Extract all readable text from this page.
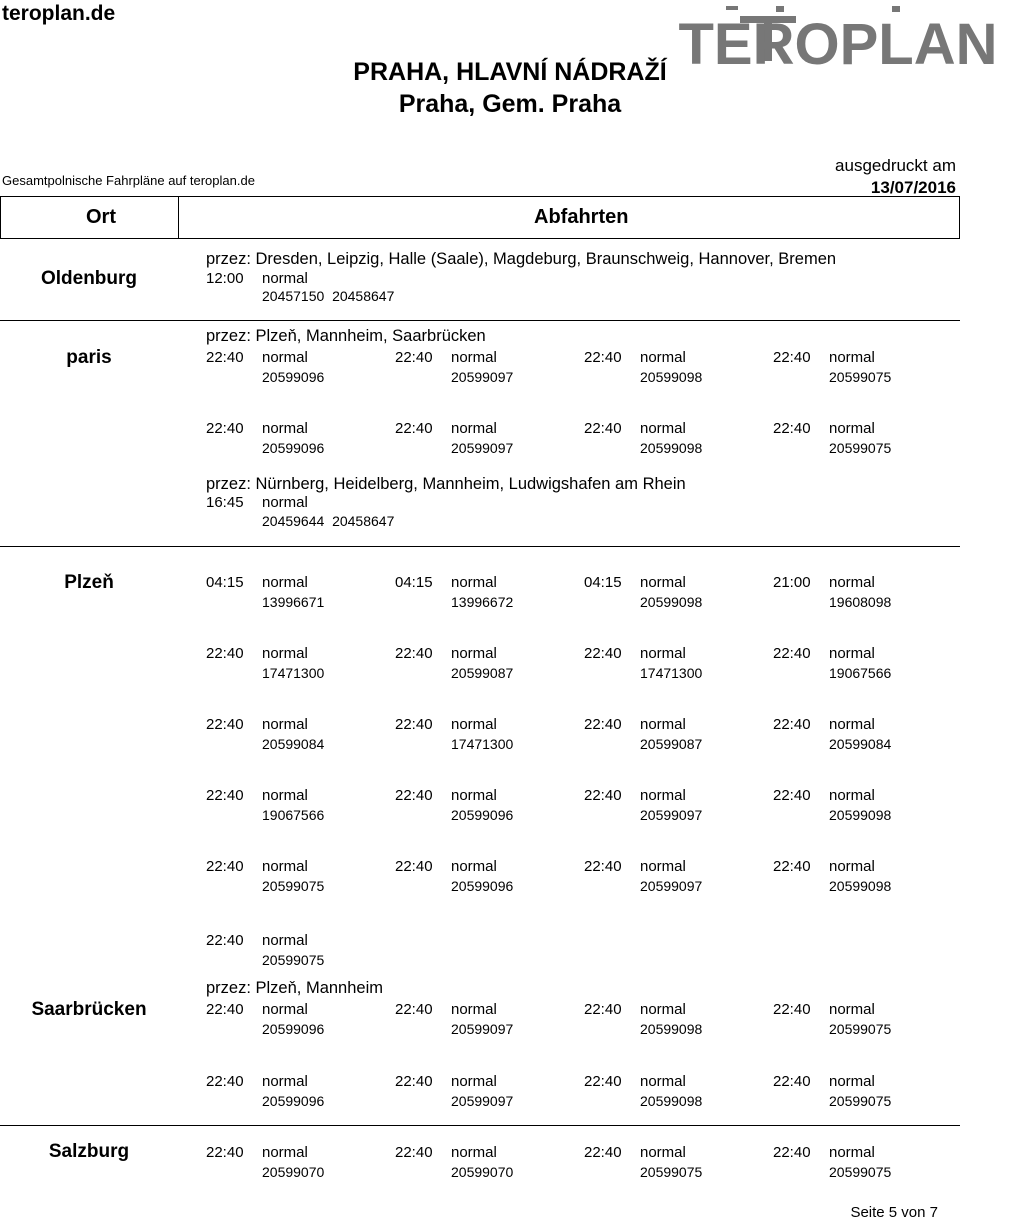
teroplan.de
PRAHA, HLAVNÍ NÁDRAŽÍ
Praha, Gem. Praha
TEROPLAN
Gesamtpolnische Fahrpläne auf teroplan.de
ausgedruckt am
13/07/2016
Ort	Abfahrten
Oldenburg
przez: Dresden, Leipzig, Halle (Saale), Magdeburg, Braunschweig, Hannover, Bremen
12:00 normal
20457150  20458647
paris
przez: Plzeň, Mannheim, Saarbrücken
przez: Nürnberg, Heidelberg, Mannheim, Ludwigshafen am Rhein
16:45 normal
20459644  20458647
Plzeň
Saarbrücken
przez: Plzeň, Mannheim
Salzburg
Seite 5 von 7
22:40 normal
20599096
22:40 normal
20599097
22:40 normal
20599098
22:40 normal
20599075
22:40 normal
20599096
22:40 normal
20599097
22:40 normal
20599098
22:40 normal
20599075
04:15 normal
13996671
04:15 normal
13996672
04:15 normal
20599098
21:00 normal
19608098
22:40 normal
17471300
22:40 normal
20599087
22:40 normal
17471300
22:40 normal
19067566
22:40 normal
20599084
22:40 normal
17471300
22:40 normal
20599087
22:40 normal
20599084
22:40 normal
19067566
22:40 normal
20599096
22:40 normal
20599097
22:40 normal
20599098
22:40 normal
20599075
22:40 normal
20599096
22:40 normal
20599097
22:40 normal
20599098
22:40 normal
20599075
22:40 normal
20599096
22:40 normal
20599097
22:40 normal
20599098
22:40 normal
20599075
22:40 normal
20599096
22:40 normal
20599097
22:40 normal
20599098
22:40 normal
20599075
22:40 normal
20599070
22:40 normal
20599070
22:40 normal
20599075
22:40 normal
20599075
